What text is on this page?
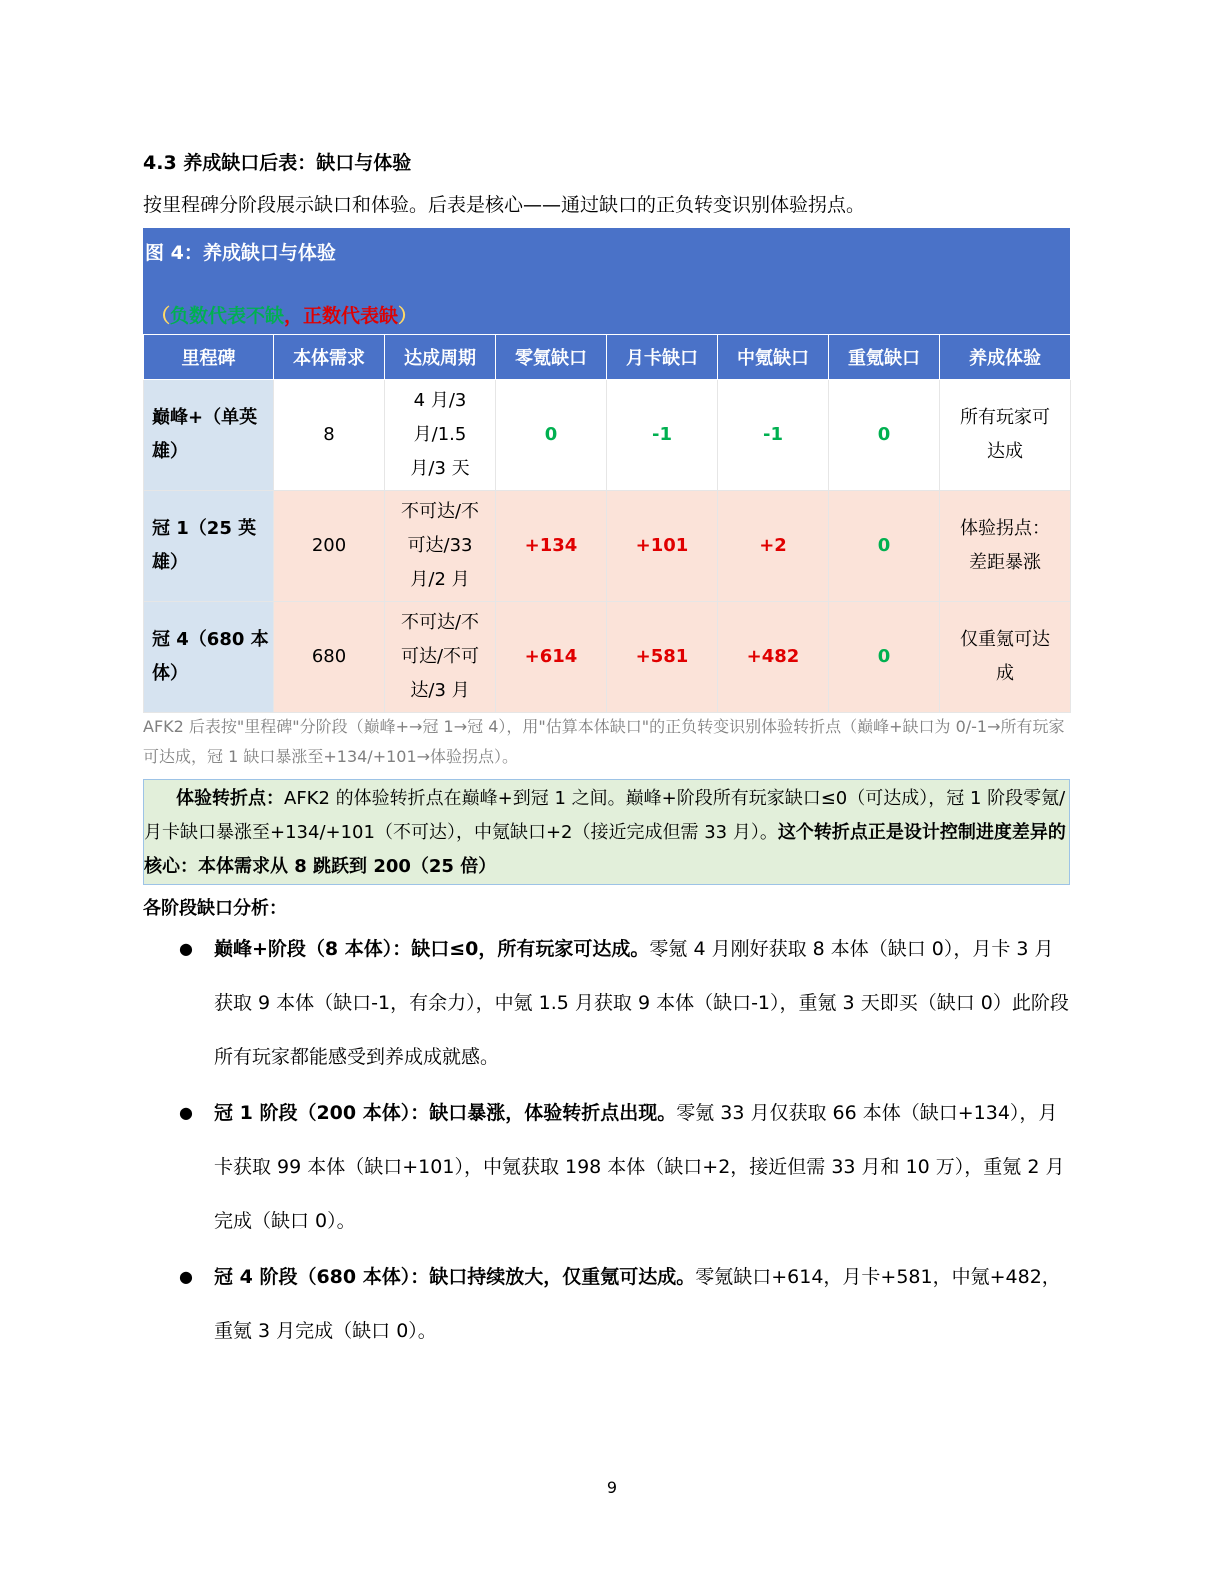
4.3 养成缺口后表：缺口与体验
按里程碑分阶段展示缺口和体验。后表是核心——通过缺口的正负转变识别体验拐点。
图 4：养成缺口与体验
（负数代表不缺，正数代表缺）
里程碑	本体需求	达成周期	零氪缺口	月卡缺口	中氪缺口	重氪缺口	养成体验
巅峰+（单英雄）	8	4 月/3 月/1.5 月/3 天	0	-1	-1	0	所有玩家可达成
冠 1（25 英雄）	200	不可达/不可达/33 月/2 月	+134	+101	+2	0	体验拐点：差距暴涨
冠 4（680 本体）	680	不可达/不可达/不可达/3 月	+614	+581	+482	0	仅重氪可达成
AFK2 后表按"里程碑"分阶段（巅峰+→冠 1→冠 4），用"估算本体缺口"的正负转变识别体验转折点（巅峰+缺口为 0/-1→所有玩家可达成，冠 1 缺口暴涨至+134/+101→体验拐点）。
体验转折点：AFK2 的体验转折点在巅峰+到冠 1 之间。巅峰+阶段所有玩家缺口≤0（可达成），冠 1 阶段零氪/月卡缺口暴涨至+134/+101（不可达），中氪缺口+2（接近完成但需 33 月）。这个转折点正是设计控制进度差异的核心：本体需求从 8 跳跃到 200（25 倍）
各阶段缺口分析：
● 巅峰+阶段（8 本体）：缺口≤0，所有玩家可达成。零氪 4 月刚好获取 8 本体（缺口 0），月卡 3 月获取 9 本体（缺口-1，有余力），中氪 1.5 月获取 9 本体（缺口-1），重氪 3 天即买（缺口 0）此阶段所有玩家都能感受到养成成就感。
● 冠 1 阶段（200 本体）：缺口暴涨，体验转折点出现。零氪 33 月仅获取 66 本体（缺口+134），月卡获取 99 本体（缺口+101），中氪获取 198 本体（缺口+2，接近但需 33 月和 10 万），重氪 2 月完成（缺口 0）。
● 冠 4 阶段（680 本体）：缺口持续放大，仅重氪可达成。零氪缺口+614，月卡+581，中氪+482，重氪 3 月完成（缺口 0）。
9
